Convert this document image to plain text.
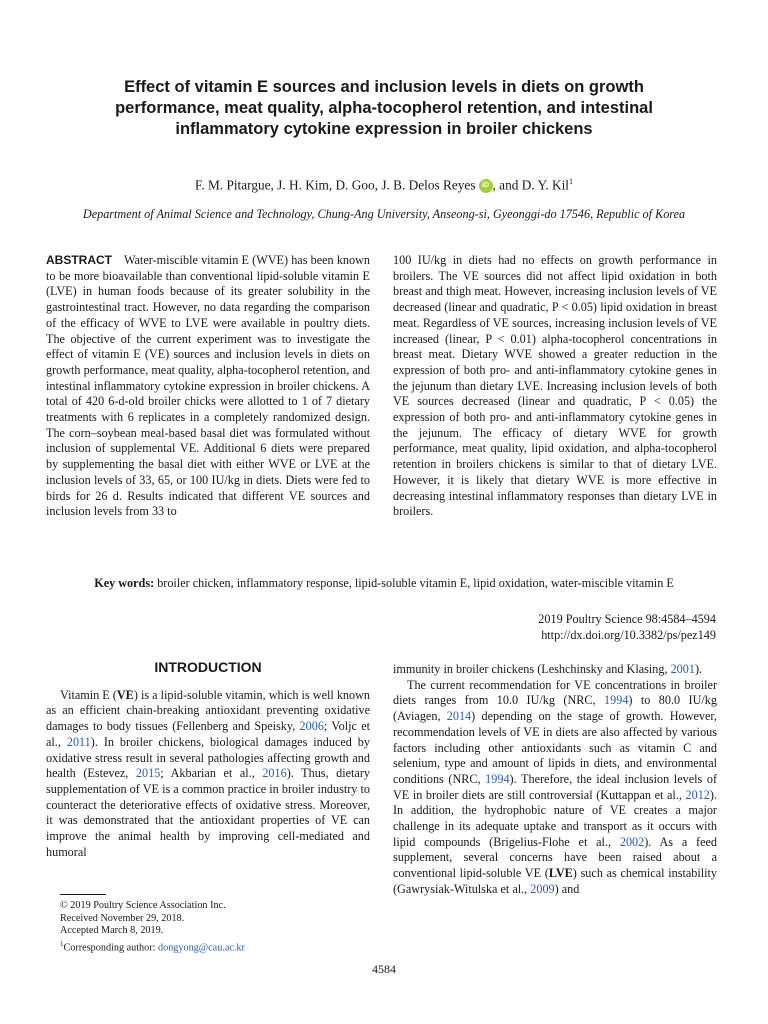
Effect of vitamin E sources and inclusion levels in diets on growth performance, meat quality, alpha-tocopherol retention, and intestinal inflammatory cytokine expression in broiler chickens
F. M. Pitargue, J. H. Kim, D. Goo, J. B. Delos Reyes iD , and D. Y. Kil$^1$
Department of Animal Science and Technology, Chung-Ang University, Anseong-si, Gyeonggi-do 17546, Republic of Korea

ABSTRACT Water-miscible vitamin E (WVE) has been known to be more bioavailable than conventional lipid-soluble vitamin E (LVE) in human foods because of its greater solubility in the gastrointestinal tract. However, no data regarding the comparison of the efficacy of WVE to LVE were available in poultry diets. The objective of the current experiment was to investigate the effect of vitamin E (VE) sources and inclusion levels in diets on growth performance, meat quality, alpha-tocopherol retention, and intestinal inflammatory cytokine expression in broiler chickens. A total of 420 6-d-old broiler chicks were allotted to 1 of 7 dietary treatments with 6 replicates in a completely randomized design. The corn–soybean meal-based basal diet was formulated without inclusion of supplemental VE. Additional 6 diets were prepared by supplementing the basal diet with either WVE or LVE at the inclusion levels of 33, 65, or 100 IU/kg in diets. Diets were fed to birds for 26 d. Results indicated that different VE sources and inclusion levels from 33 to

100 IU/kg in diets had no effects on growth performance in broilers. The VE sources did not affect lipid oxidation in both breast and thigh meat. However, increasing inclusion levels of VE decreased (linear and quadratic, P < 0.05) lipid oxidation in breast meat. Regardless of VE sources, increasing inclusion levels of VE increased (linear, P < 0.01) alpha-tocopherol concentrations in breast meat. Dietary WVE showed a greater reduction in the expression of both pro- and anti-inflammatory cytokine genes in the jejunum than dietary LVE. Increasing inclusion levels of both VE sources decreased (linear and quadratic, P < 0.05) the expression of both pro- and anti-inflammatory cytokine genes in the jejunum. The efficacy of dietary WVE for growth performance, meat quality, lipid oxidation, and alpha-tocopherol retention in broilers chickens is similar to that of dietary LVE. However, it is likely that dietary WVE is more effective in decreasing intestinal inflammatory responses than dietary LVE in broilers.

Key words: broiler chicken, inflammatory response, lipid-soluble vitamin E, lipid oxidation, water-miscible vitamin E
2019 Poultry Science 98:4584–4594
http://dx.doi.org/10.3382/ps/pez149
INTRODUCTION

Vitamin E (VE) is a lipid-soluble vitamin, which is well known as an efficient chain-breaking antioxidant preventing oxidative damages to body tissues (Fellenberg and Speisky, 2006; Voljc et al., 2011). In broiler chickens, biological damages induced by oxidative stress result in several pathologies affecting growth and health (Estevez, 2015; Akbarian et al., 2016). Thus, dietary supplementation of VE is a common practice in broiler industry to counteract the deteriorative effects of oxidative stress. Moreover, it was demonstrated that the antioxidant properties of VE can improve the animal health by improving cell-mediated and humoral

immunity in broiler chickens (Leshchinsky and Klasing, 2001).

The current recommendation for VE concentrations in broiler diets ranges from 10.0 IU/kg (NRC, 1994) to 80.0 IU/kg (Aviagen, 2014) depending on the stage of growth. However, recommendation levels of VE in diets are also affected by various factors including other antioxidants such as vitamin C and selenium, type and amount of lipids in diets, and environmental conditions (NRC, 1994). Therefore, the ideal inclusion levels of VE in broiler diets are still controversial (Kuttappan et al., 2012). In addition, the hydrophobic nature of VE creates a major challenge in its adequate uptake and transport as it occurs with lipid compounds (Brigelius-Flohe et al., 2002). As a feed supplement, several concerns have been raised about a conventional lipid-soluble VE (LVE) such as chemical instability (Gawrysiak-Witulska et al., 2009) and

© 2019 Poultry Science Association Inc.
Received November 29, 2018.
Accepted March 8, 2019.
$^1$Corresponding author: dongyong@cau.ac.kr
4584
